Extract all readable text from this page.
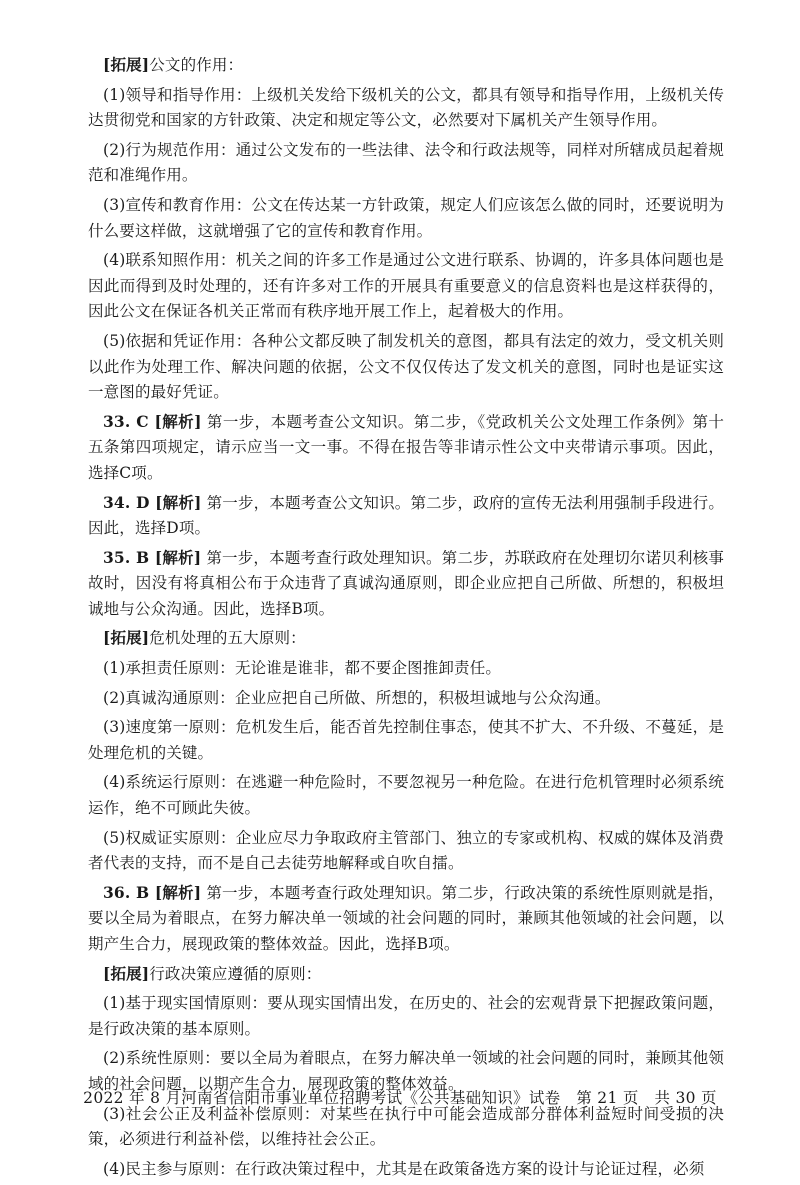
[拓展]公文的作用：

(1)领导和指导作用：上级机关发给下级机关的公文，都具有领导和指导作用，上级机关传达贯彻党和国家的方针政策、决定和规定等公文，必然要对下属机关产生领导作用。

(2)行为规范作用：通过公文发布的一些法律、法令和行政法规等，同样对所辖成员起着规范和准绳作用。

(3)宣传和教育作用：公文在传达某一方针政策，规定人们应该怎么做的同时，还要说明为什么要这样做，这就增强了它的宣传和教育作用。

(4)联系知照作用：机关之间的许多工作是通过公文进行联系、协调的，许多具体问题也是因此而得到及时处理的，还有许多对工作的开展具有重要意义的信息资料也是这样获得的，因此公文在保证各机关正常而有秩序地开展工作上，起着极大的作用。

(5)依据和凭证作用：各种公文都反映了制发机关的意图，都具有法定的效力，受文机关则以此作为处理工作、解决问题的依据，公文不仅仅传达了发文机关的意图，同时也是证实这一意图的最好凭证。

33. C [解析] 第一步，本题考查公文知识。第二步，《党政机关公文处理工作条例》第十五条第四项规定，请示应当一文一事。不得在报告等非请示性公文中夹带请示事项。因此，选择C项。

34. D [解析] 第一步，本题考查公文知识。第二步，政府的宣传无法利用强制手段进行。因此，选择D项。

35. B [解析] 第一步，本题考查行政处理知识。第二步，苏联政府在处理切尔诺贝利核事故时，因没有将真相公布于众违背了真诚沟通原则，即企业应把自己所做、所想的，积极坦诚地与公众沟通。因此，选择B项。

[拓展]危机处理的五大原则：

(1)承担责任原则：无论谁是谁非，都不要企图推卸责任。

(2)真诚沟通原则：企业应把自己所做、所想的，积极坦诚地与公众沟通。

(3)速度第一原则：危机发生后，能否首先控制住事态，使其不扩大、不升级、不蔓延，是处理危机的关键。

(4)系统运行原则：在逃避一种危险时，不要忽视另一种危险。在进行危机管理时必须系统运作，绝不可顾此失彼。

(5)权威证实原则：企业应尽力争取政府主管部门、独立的专家或机构、权威的媒体及消费者代表的支持，而不是自己去徒劳地解释或自吹自擂。

36. B [解析] 第一步，本题考查行政处理知识。第二步，行政决策的系统性原则就是指，要以全局为着眼点，在努力解决单一领域的社会问题的同时，兼顾其他领域的社会问题，以期产生合力，展现政策的整体效益。因此，选择B项。

[拓展]行政决策应遵循的原则：

(1)基于现实国情原则：要从现实国情出发，在历史的、社会的宏观背景下把握政策问题，是行政决策的基本原则。

(2)系统性原则：要以全局为着眼点，在努力解决单一领域的社会问题的同时，兼顾其他领域的社会问题，以期产生合力，展现政策的整体效益。

(3)社会公正及利益补偿原则：对某些在执行中可能会造成部分群体利益短时间受损的决策，必须进行利益补偿，以维持社会公正。

(4)民主参与原则：在行政决策过程中，尤其是在政策备选方案的设计与论证过程，必须

2022 年 8 月河南省信阳市事业单位招聘考试《公共基础知识》试卷　第 21 页　共 30 页
